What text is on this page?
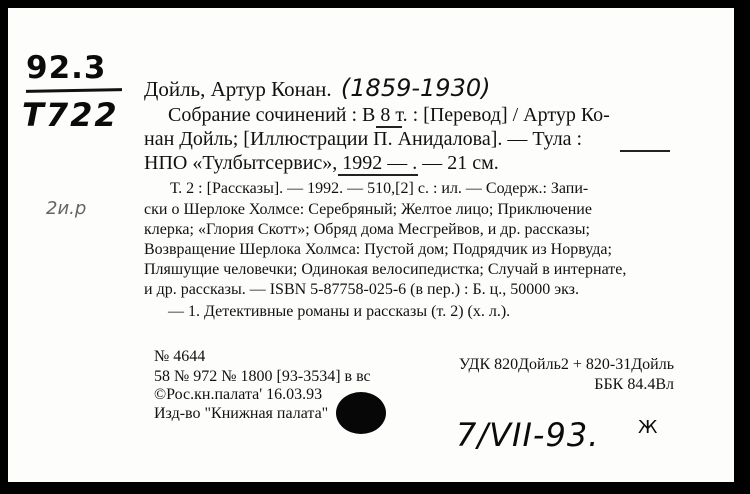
92.3
Т722
2и.р
Дойль, Артур Конан. (1859-1930)
Собрание сочинений : В 8 т. : [Перевод] / Артур Ко-
нан Дойль; [Иллюстрации П. Анидалова]. — Тула :
НПО «Тулбытсервис», 1992 — . — 21 см.
Т. 2 : [Рассказы]. — 1992. — 510,[2] с. : ил. — Содерж.: Запи-
ски о Шерлоке Холмсе: Серебряный; Желтое лицо; Приключение
клерка; «Глория Скотт»; Обряд дома Месгрейвов, и др. рассказы;
Возвращение Шерлока Холмса: Пустой дом; Подрядчик из Норвуда;
Пляшущие человечки; Одинокая велосипедистка; Случай в интернате,
и др. рассказы. — ISBN 5-87758-025-6 (в пер.) : Б. ц., 50000 экз.
— 1. Детективные романы и рассказы (т. 2) (х. л.).
№ 4644
58 № 972 № 1800 [93-3534] в вс
©Рос.кн.палата' 16.03.93
Изд-во "Книжная палата"
УДК 820Дойль2 + 820-31Дойль
ББК 84.4Вл
7/VII-93. Ж
